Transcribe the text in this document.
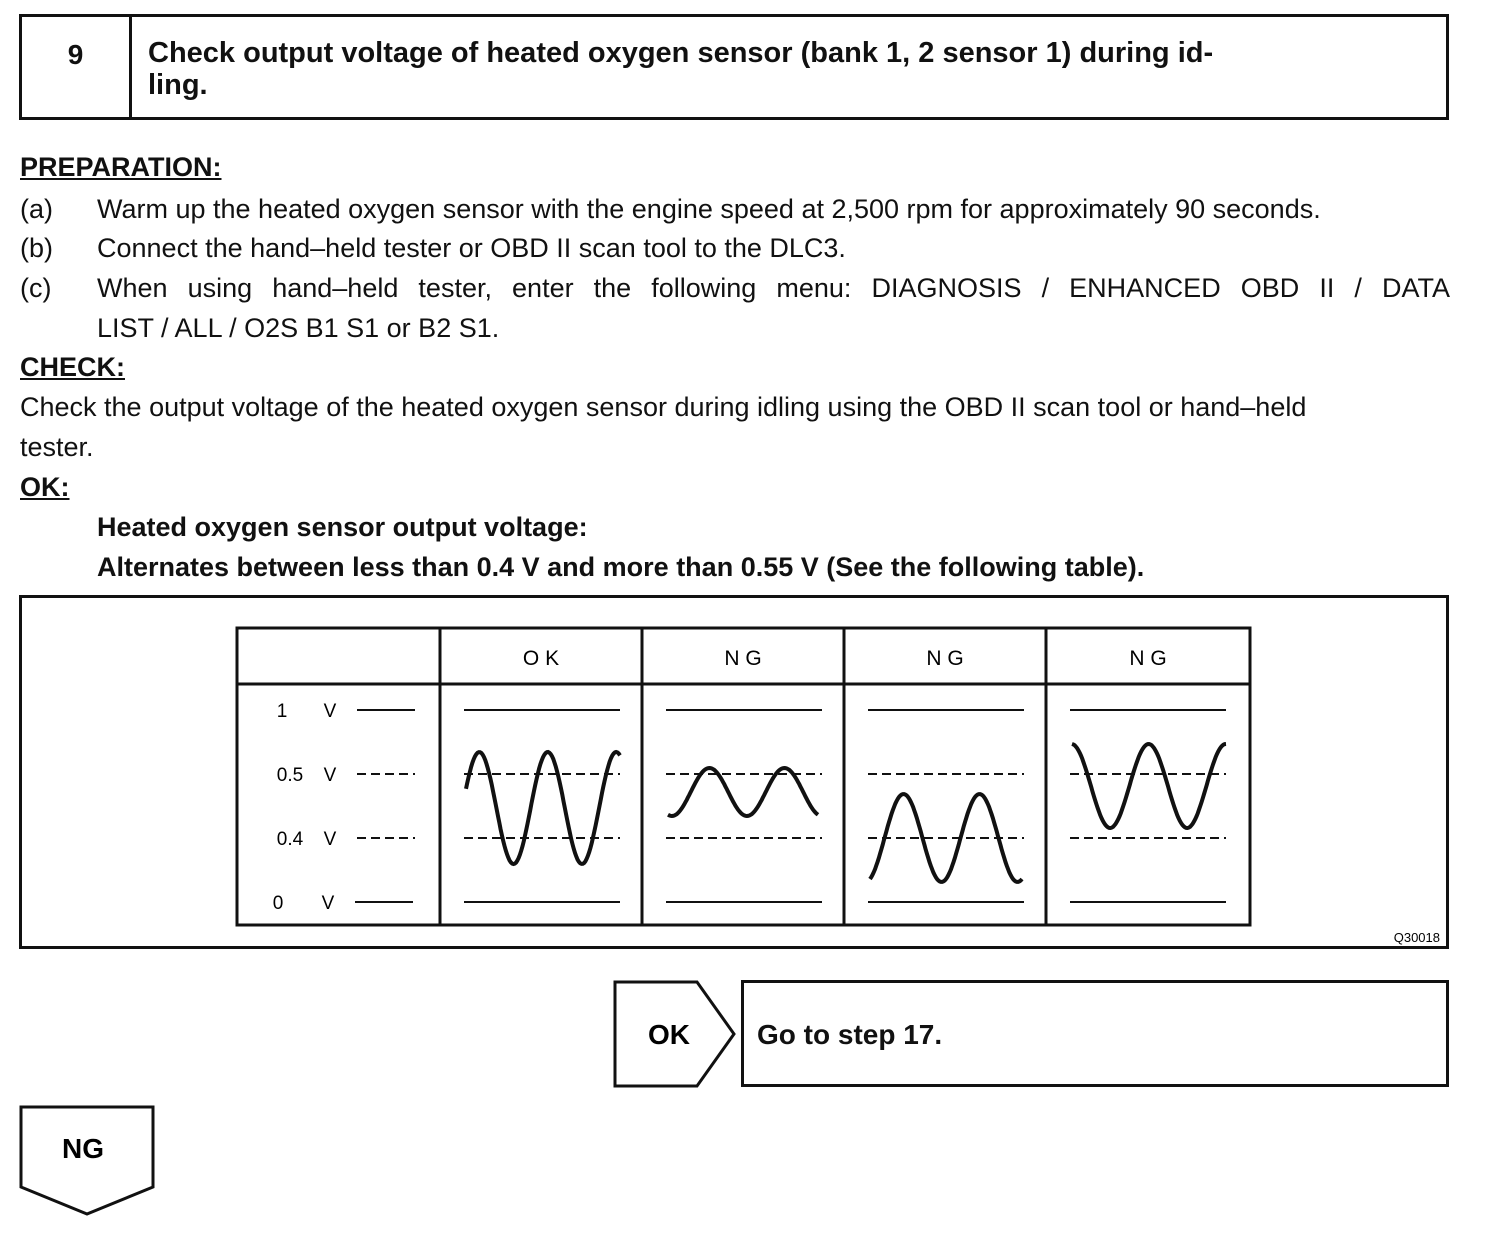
9	Check output voltage of heated oxygen sensor (bank 1, 2 sensor 1) during id-
ling.
PREPARATION:
(a) Warm up the heated oxygen sensor with the engine speed at 2,500 rpm for approximately 90 seconds.
(b) Connect the hand–held tester or OBD II scan tool to the DLC3.
(c) When using hand–held tester, enter the following menu: DIAGNOSIS / ENHANCED OBD II / DATA
LIST / ALL / O2S B1 S1 or B2 S1.
CHECK:
Check the output voltage of the heated oxygen sensor during idling using the OBD II scan tool or hand–held
tester.
OK:
Heated oxygen sensor output voltage:
Alternates between less than 0.4 V and more than 0.55 V (See the following table).
O K	N G	N G	N G
1 V
0.5 V
0.4 V
0 V
Q30018
OK Go to step 17.
NG
